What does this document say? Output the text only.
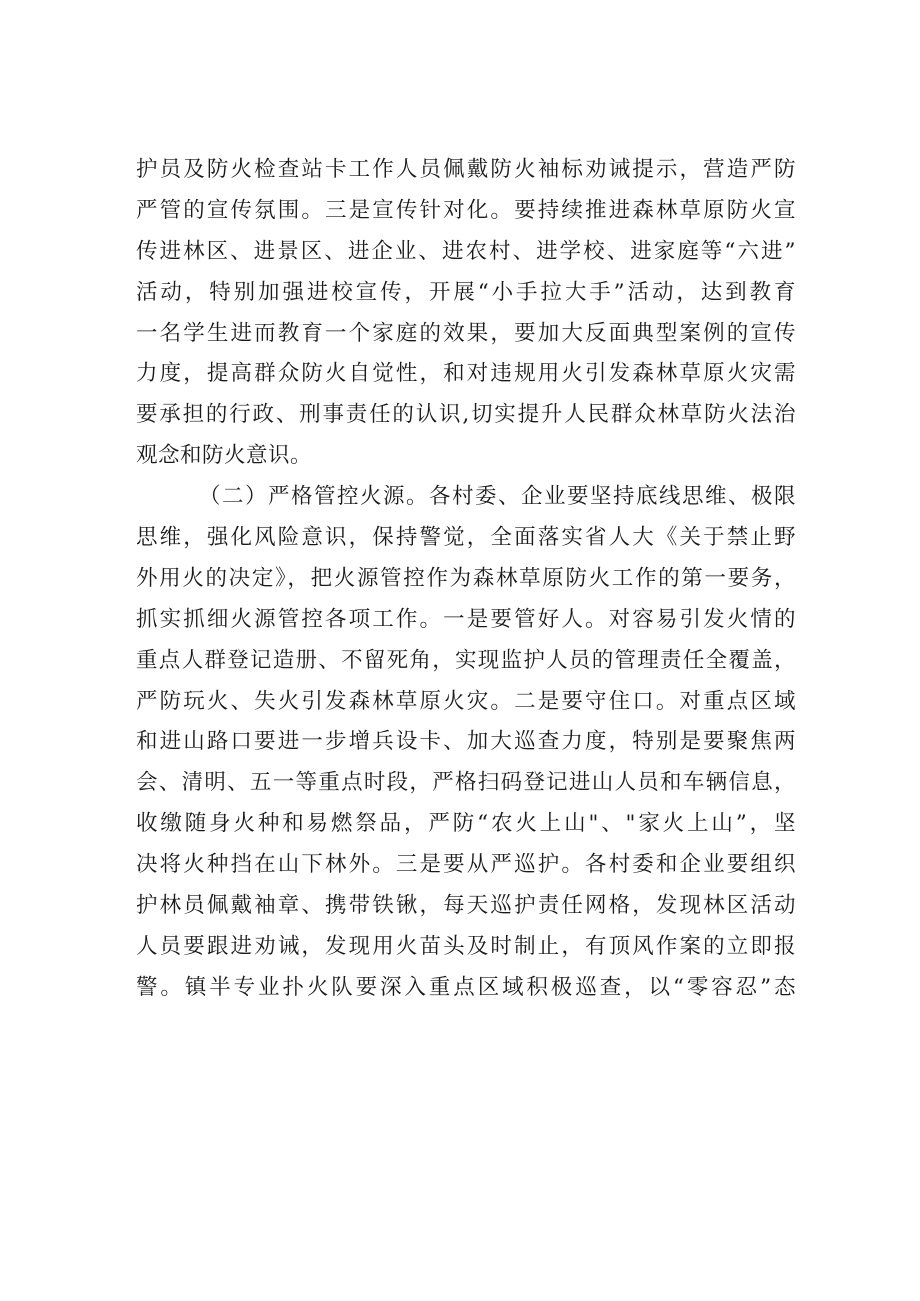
护员及防火检查站卡工作人员佩戴防火袖标劝诫提示，营造严防
严管的宣传氛围。三是宣传针对化。要持续推进森林草原防火宣
传进林区、进景区、进企业、进农村、进学校、进家庭等“六进”
活动，特别加强进校宣传，开展“小手拉大手”活动，达到教育
一名学生进而教育一个家庭的效果，要加大反面典型案例的宣传
力度，提高群众防火自觉性，和对违规用火引发森林草原火灾需
要承担的行政、刑事责任的认识,切实提升人民群众林草防火法治
观念和防火意识。
（二）严格管控火源。各村委、企业要坚持底线思维、极限
思维，强化风险意识，保持警觉，全面落实省人大《关于禁止野
外用火的决定》，把火源管控作为森林草原防火工作的第一要务，
抓实抓细火源管控各项工作。一是要管好人。对容易引发火情的
重点人群登记造册、不留死角，实现监护人员的管理责任全覆盖，
严防玩火、失火引发森林草原火灾。二是要守住口。对重点区域
和进山路口要进一步增兵设卡、加大巡查力度，特别是要聚焦两
会、清明、五一等重点时段，严格扫码登记进山人员和车辆信息，
收缴随身火种和易燃祭品，严防“农火上山"、"家火上山”，坚
决将火种挡在山下林外。三是要从严巡护。各村委和企业要组织
护林员佩戴袖章、携带铁锹，每天巡护责任网格，发现林区活动
人员要跟进劝诫，发现用火苗头及时制止，有顶风作案的立即报
警。镇半专业扑火队要深入重点区域积极巡查，以“零容忍”态
